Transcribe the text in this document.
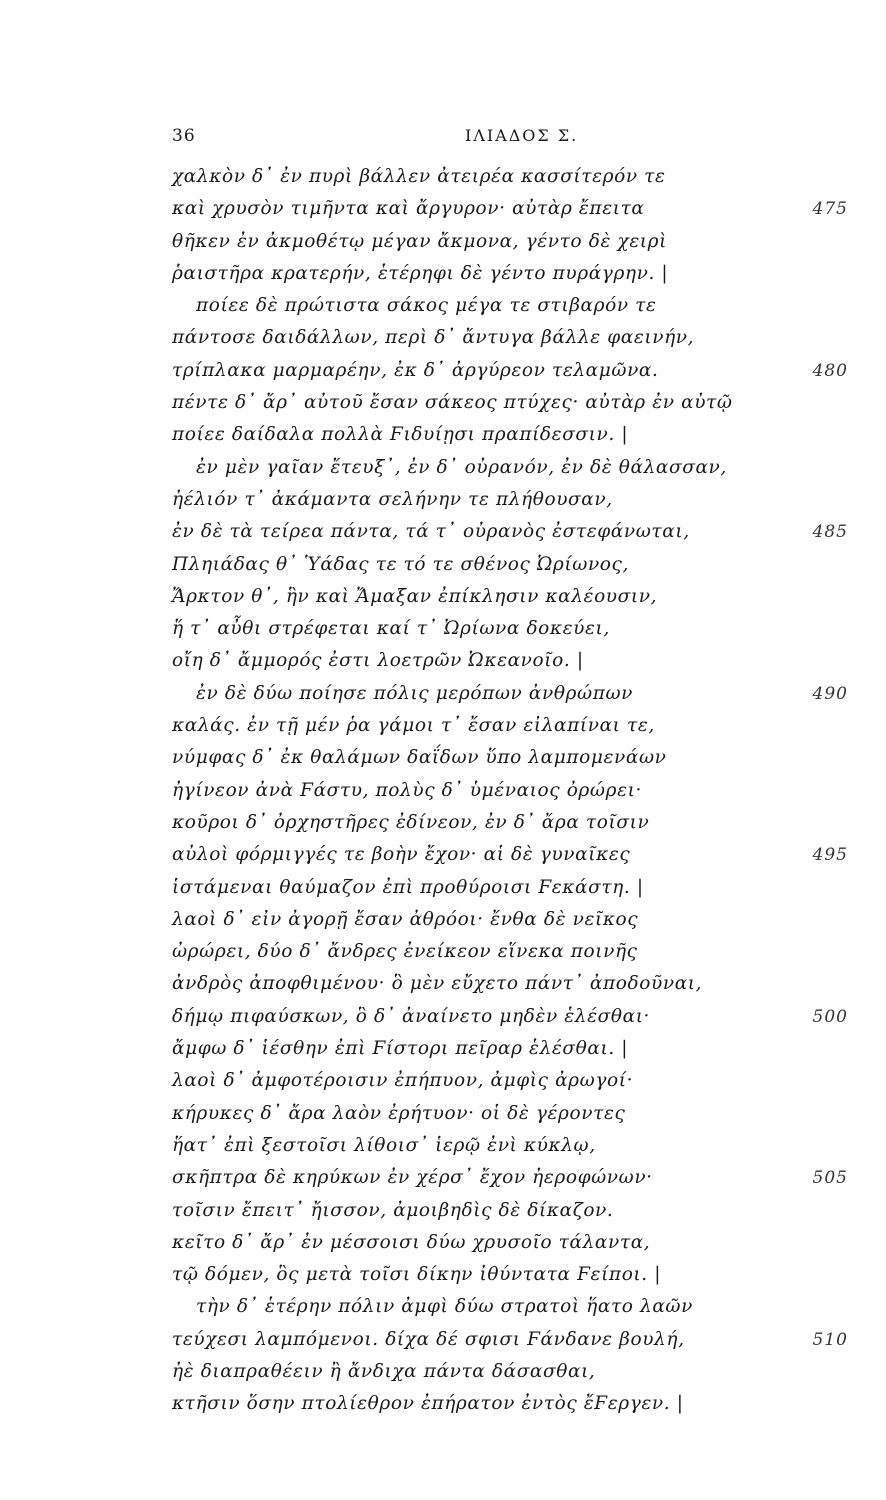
36	ΙΛΙΑΔΟΣ Σ.
χαλκὸν δ᾿ ἐν πυρὶ βάλλεν ἀτειρέα κασσίτερόν τε
καὶ χρυσὸν τιμῆντα καὶ ἄργυρον· αὐτὰρ ἔπειτα	475
θῆκεν ἐν ἀκμοθέτῳ μέγαν ἄκμονα, γέντο δὲ χειρὶ
ῥαιστῆρα κρατερήν, ἑτέρηφι δὲ γέντο πυράγρην. |
ποίεε δὲ πρώτιστα σάκος μέγα τε στιβαρόν τε
πάντοσε δαιδάλλων, περὶ δ᾿ ἄντυγα βάλλε φαεινήν,
τρίπλακα μαρμαρέην, ἐκ δ᾿ ἀργύρεον τελαμῶνα.	480
πέντε δ᾿ ἄρ᾿ αὐτοῦ ἔσαν σάκεος πτύχες· αὐτὰρ ἐν αὐτῷ
ποίεε δαίδαλα πολλὰ Ϝιδυίῃσι πραπίδεσσιν. |
ἐν μὲν γαῖαν ἔτευξ᾿, ἐν δ᾿ οὐρανόν, ἐν δὲ θάλασσαν,
ἠέλιόν τ᾿ ἀκάμαντα σελήνην τε πλήθουσαν,
ἐν δὲ τὰ τείρεα πάντα, τά τ᾿ οὐρανὸς ἐστεφάνωται,	485
Πληιάδας θ᾿ Ὑάδας τε τό τε σθένος Ὠρίωνος,
Ἄρκτον θ᾿, ἣν καὶ Ἄμαξαν ἐπίκλησιν καλέουσιν,
ἥ τ᾿ αὖθι στρέφεται καί τ᾿ Ὠρίωνα δοκεύει,
οἴη δ᾿ ἄμμορός ἐστι λοετρῶν Ὠκεανοῖο. |
ἐν δὲ δύω ποίησε πόλις μερόπων ἀνθρώπων	490
καλάς. ἐν τῇ μέν ῥα γάμοι τ᾿ ἔσαν εἰλαπίναι τε,
νύμφας δ᾿ ἐκ θαλάμων δαΐδων ὕπο λαμπομενάων
ἠγίνεον ἀνὰ Ϝάστυ, πολὺς δ᾿ ὑμέναιος ὀρώρει·
κοῦροι δ᾿ ὀρχηστῆρες ἐδίνεον, ἐν δ᾿ ἄρα τοῖσιν
αὐλοὶ φόρμιγγές τε βοὴν ἔχον· αἱ δὲ γυναῖκες	495
ἱστάμεναι θαύμαζον ἐπὶ προθύροισι Ϝεκάστη. |
λαοὶ δ᾿ εἰν ἀγορῇ ἔσαν ἀθρόοι· ἔνθα δὲ νεῖκος
ὠρώρει, δύο δ᾿ ἄνδρες ἐνείκεον εἵνεκα ποινῆς
ἀνδρὸς ἀποφθιμένου· ὃ μὲν εὔχετο πάντ᾿ ἀποδοῦναι,
δήμῳ πιφαύσκων, ὃ δ᾿ ἀναίνετο μηδὲν ἑλέσθαι·	500
ἄμφω δ᾿ ἱέσθην ἐπὶ Ϝίστορι πεῖραρ ἑλέσθαι. |
λαοὶ δ᾿ ἀμφοτέροισιν ἐπήπυον, ἀμφὶς ἀρωγοί·
κήρυκες δ᾿ ἄρα λαὸν ἐρήτυον· οἱ δὲ γέροντες
ἥατ᾿ ἐπὶ ξεστοῖσι λίθοισ᾿ ἱερῷ ἐνὶ κύκλῳ,
σκῆπτρα δὲ κηρύκων ἐν χέρσ᾿ ἔχον ἠεροφώνων·	505
τοῖσιν ἔπειτ᾿ ἤισσον, ἀμοιβηδὶς δὲ δίκαζον.
κεῖτο δ᾿ ἄρ᾿ ἐν μέσσοισι δύω χρυσοῖο τάλαντα,
τῷ δόμεν, ὃς μετὰ τοῖσι δίκην ἰθύντατα Ϝείποι. |
τὴν δ᾿ ἑτέρην πόλιν ἀμφὶ δύω στρατοὶ ἥατο λαῶν
τεύχεσι λαμπόμενοι. δίχα δέ σφισι Ϝάνδανε βουλή,	510
ἠὲ διαπραθέειν ἢ ἄνδιχα πάντα δάσασθαι,
κτῆσιν ὅσην πτολίεθρον ἐπήρατον ἐντὸς ἔϜεργεν. |
